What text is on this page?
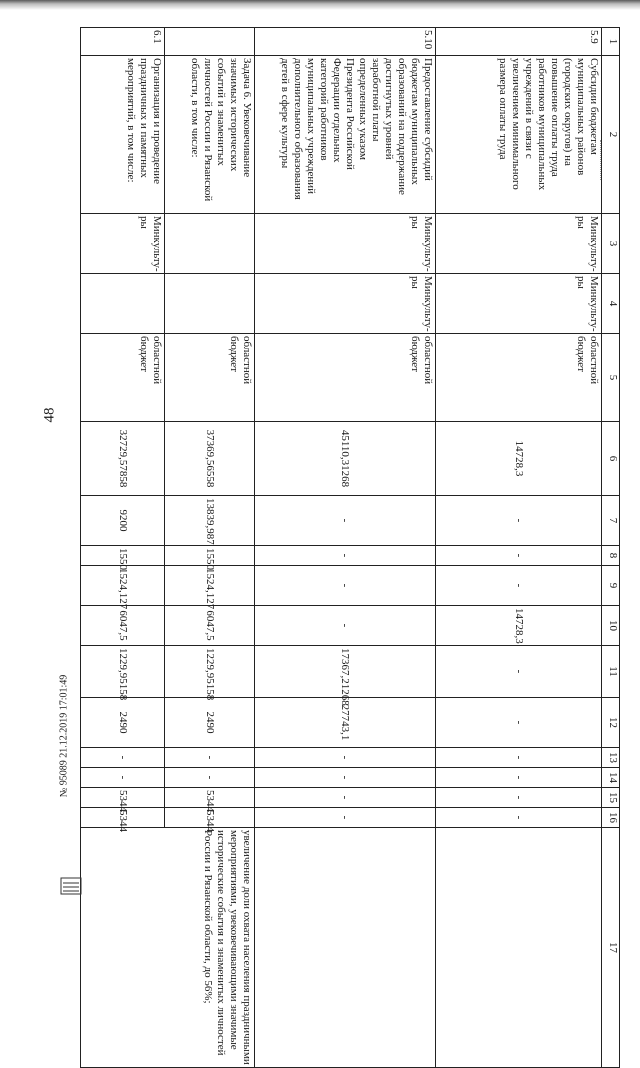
48
1	2	3	4	5	6	7	8	9	10	11	12	13	14	15	16	17
5.9	Субсидии бюджетам муниципальных районов (городских округов) на повышение оплаты труда работников муниципальных учреждений в связи с увеличением минимального размера оплаты труда	Минкульту-ры	Минкульту-ры	областной бюджет	14728,3	-	-	-	14728,3	-	-	-	-	-	-	
5.10	Предоставление субсидий бюджетам муниципальных образований на поддержание достигнутых уровней заработной платы определенных указом Президента Российской Федерации отдельных категорий работников муниципальных учреждений дополнительного образования детей в сфере культуры	Минкульту-ры	Минкульту-ры	областной бюджет	45110,31268	-	-	-	-	17367,21268	27743,1	-	-	-	-	
	Задача 6. Увековечивание значимых исторических событий и знаменитых личностей России и Рязанской области, в том числе:			областной бюджет	37369,56558	13839,987	1550	1524,127	6047,5	1229,95158	2490	-	-	5344	5344	увеличение доли охвата населения праздничными мероприятиями, увековечивающими значимые исторические события и знаменитых личностей России и Рязанской области, до 56%;
6.1	Организация и проведение праздничных и памятных мероприятий, в том числе:	Минкульту-ры		областной бюджет	32729,57858	9200	1550	1524,127	6047,5	1229,95158	2490	-	-	5344	5344	
№ 95089 21.12.2019 17:01:49
